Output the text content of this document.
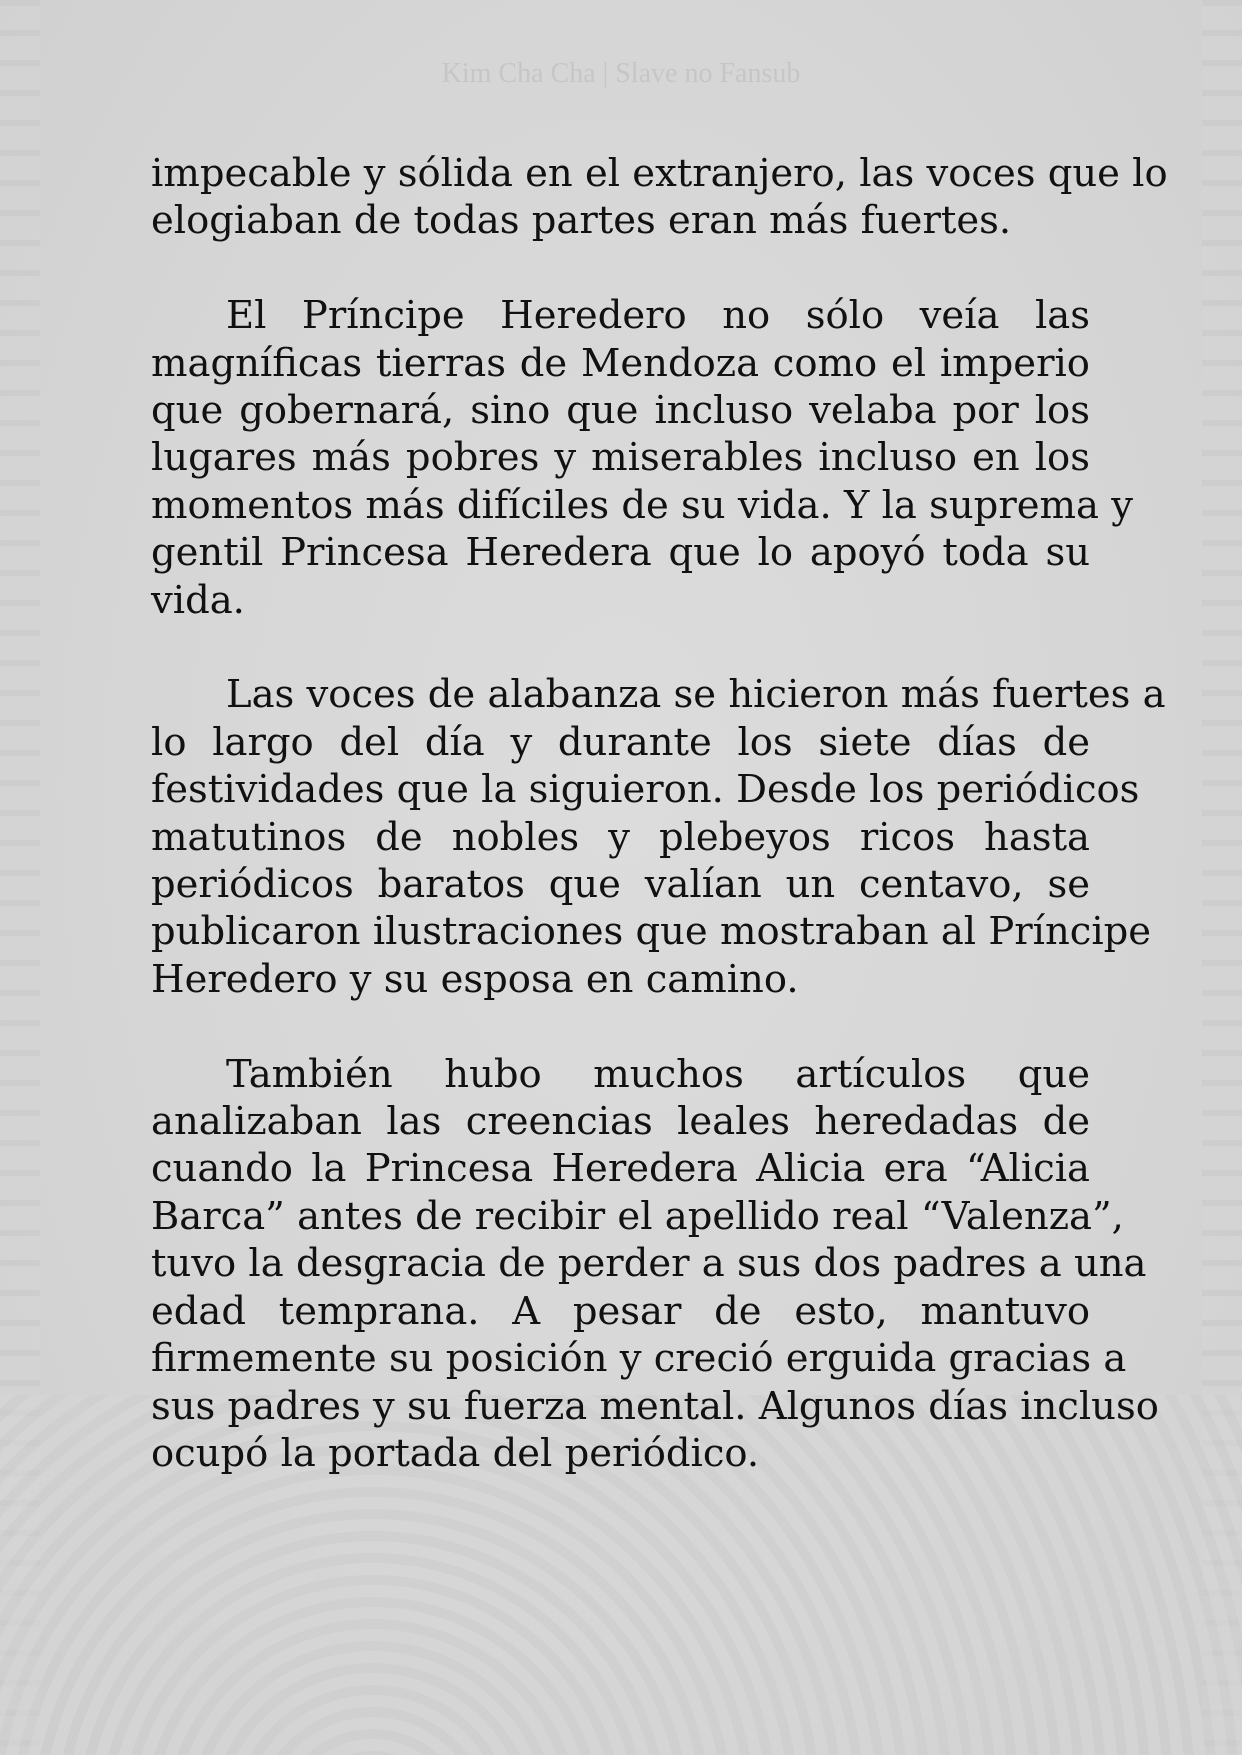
Kim Cha Cha | Slave no Fansub
impecable y sólida en el extranjero, las voces que lo
elogiaban de todas partes eran más fuertes.
El Príncipe Heredero no sólo veía las
magníficas tierras de Mendoza como el imperio
que gobernará, sino que incluso velaba por los
lugares más pobres y miserables incluso en los
momentos más difíciles de su vida. Y la suprema y
gentil Princesa Heredera que lo apoyó toda su
vida.
Las voces de alabanza se hicieron más fuertes a
lo largo del día y durante los siete días de
festividades que la siguieron. Desde los periódicos
matutinos de nobles y plebeyos ricos hasta
periódicos baratos que valían un centavo, se
publicaron ilustraciones que mostraban al Príncipe
Heredero y su esposa en camino.
También hubo muchos artículos que
analizaban las creencias leales heredadas de
cuando la Princesa Heredera Alicia era “Alicia
Barca” antes de recibir el apellido real “Valenza”,
tuvo la desgracia de perder a sus dos padres a una
edad temprana. A pesar de esto, mantuvo
firmemente su posición y creció erguida gracias a
sus padres y su fuerza mental. Algunos días incluso
ocupó la portada del periódico.
